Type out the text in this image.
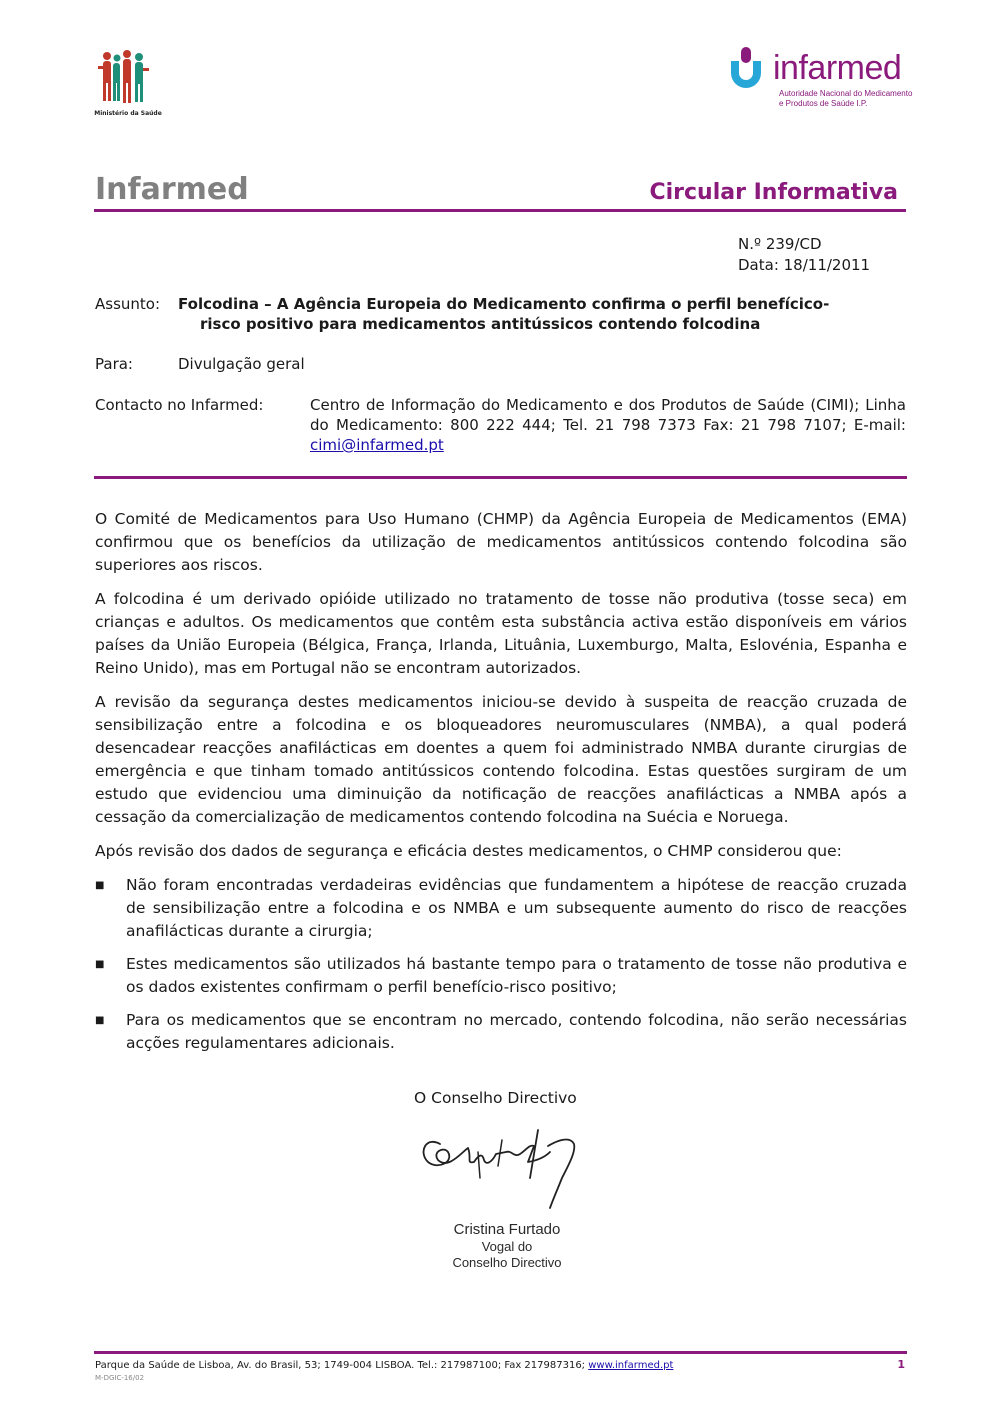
Ministério da Saúde
infarmed
Autoridade Nacional do Medicamento
e Produtos de Saúde I.P.
Infarmed	Circular Informativa
N.º 239/CD
Data: 18/11/2011
Assunto: Folcodina – A Agência Europeia do Medicamento confirma o perfil benefícico-
risco positivo para medicamentos antitússicos contendo folcodina
Para:	Divulgação geral
Contacto no Infarmed:	Centro de Informação do Medicamento e dos Produtos de Saúde (CIMI); Linha do Medicamento: 800 222 444; Tel. 21 798 7373 Fax: 21 798 7107; E-mail: cimi@infarmed.pt

O Comité de Medicamentos para Uso Humano (CHMP) da Agência Europeia de Medicamentos (EMA) confirmou que os benefícios da utilização de medicamentos antitússicos contendo folcodina são superiores aos riscos.

A folcodina é um derivado opióide utilizado no tratamento de tosse não produtiva (tosse seca) em crianças e adultos. Os medicamentos que contêm esta substância activa estão disponíveis em vários países da União Europeia (Bélgica, França, Irlanda, Lituânia, Luxemburgo, Malta, Eslovénia, Espanha e Reino Unido), mas em Portugal não se encontram autorizados.

A revisão da segurança destes medicamentos iniciou-se devido à suspeita de reacção cruzada de sensibilização entre a folcodina e os bloqueadores neuromusculares (NMBA), a qual poderá desencadear reacções anafilácticas em doentes a quem foi administrado NMBA durante cirurgias de emergência e que tinham tomado antitússicos contendo folcodina. Estas questões surgiram de um estudo que evidenciou uma diminuição da notificação de reacções anafilácticas a NMBA após a cessação da comercialização de medicamentos contendo folcodina na Suécia e Noruega.

Após revisão dos dados de segurança e eficácia destes medicamentos, o CHMP considerou que:

■ Não foram encontradas verdadeiras evidências que fundamentem a hipótese de reacção cruzada de sensibilização entre a folcodina e os NMBA e um subsequente aumento do risco de reacções anafilácticas durante a cirurgia;
■ Estes medicamentos são utilizados há bastante tempo para o tratamento de tosse não produtiva e os dados existentes confirmam o perfil benefício-risco positivo;
■ Para os medicamentos que se encontram no mercado, contendo folcodina, não serão necessárias acções regulamentares adicionais.
O Conselho Directivo
Cristina Furtado
Vogal do
Conselho Directivo
Parque da Saúde de Lisboa, Av. do Brasil, 53; 1749-004 LISBOA. Tel.: 217987100; Fax 217987316; www.infarmed.pt
M-DGIC-16/02
1
